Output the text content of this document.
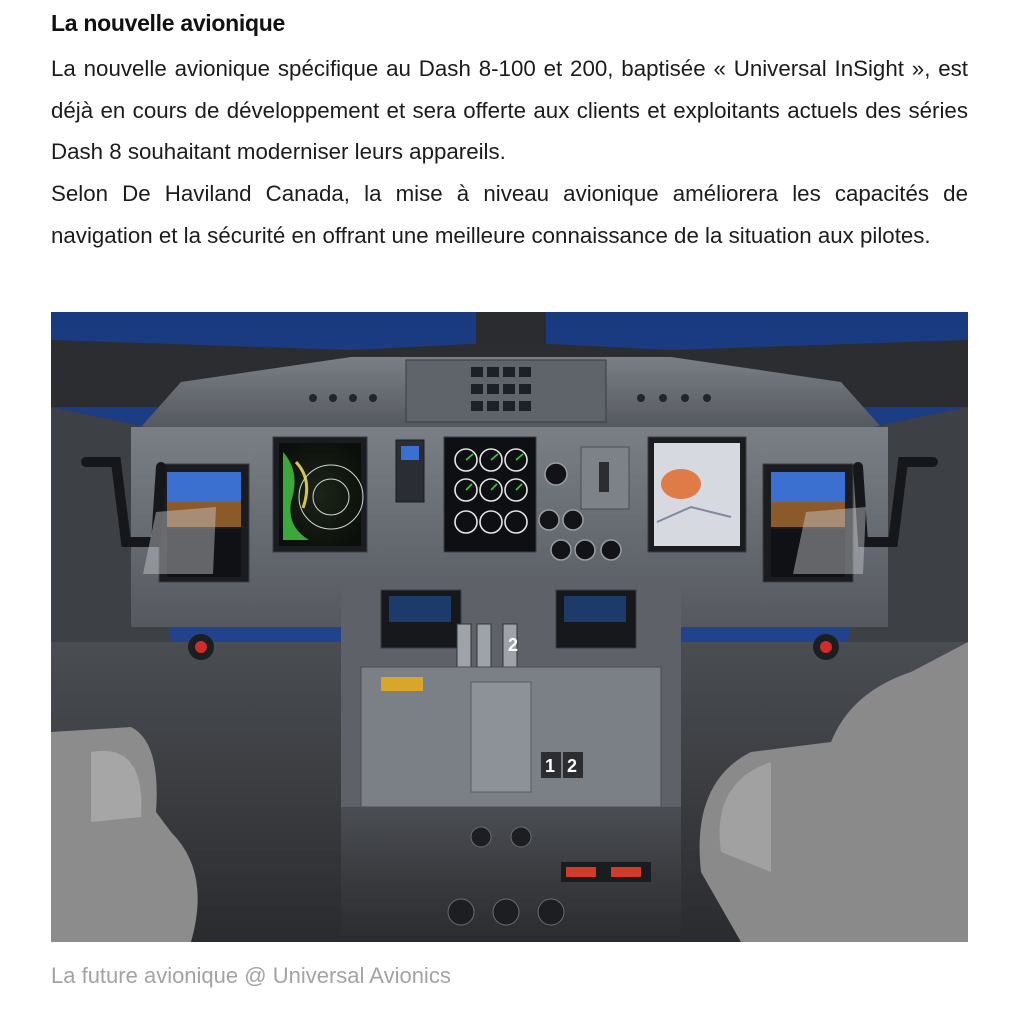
La nouvelle avionique

La nouvelle avionique spécifique au Dash 8-100 et 200, baptisée « Universal InSight », est déjà en cours de développement et sera offerte aux clients et exploitants actuels des séries Dash 8 souhaitant moderniser leurs appareils.

Selon De Haviland Canada, la mise à niveau avionique améliorera les capacités de navigation et la sécurité en offrant une meilleure connaissance de la situation aux pilotes.

2
1 2

La future avionique @ Universal Avionics
